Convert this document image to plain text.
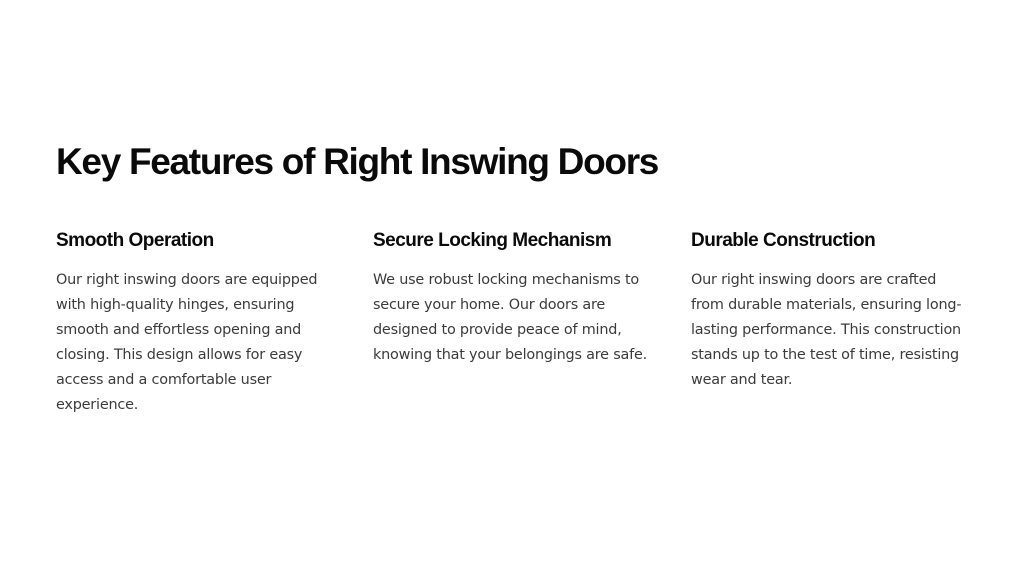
Key Features of Right Inswing Doors
Smooth Operation

Our right inswing doors are equipped with high-quality hinges, ensuring smooth and effortless opening and closing. This design allows for easy access and a comfortable user experience.

Secure Locking Mechanism

We use robust locking mechanisms to secure your home. Our doors are designed to provide peace of mind, knowing that your belongings are safe.

Durable Construction

Our right inswing doors are crafted from durable materials, ensuring long-lasting performance. This construction stands up to the test of time, resisting wear and tear.
